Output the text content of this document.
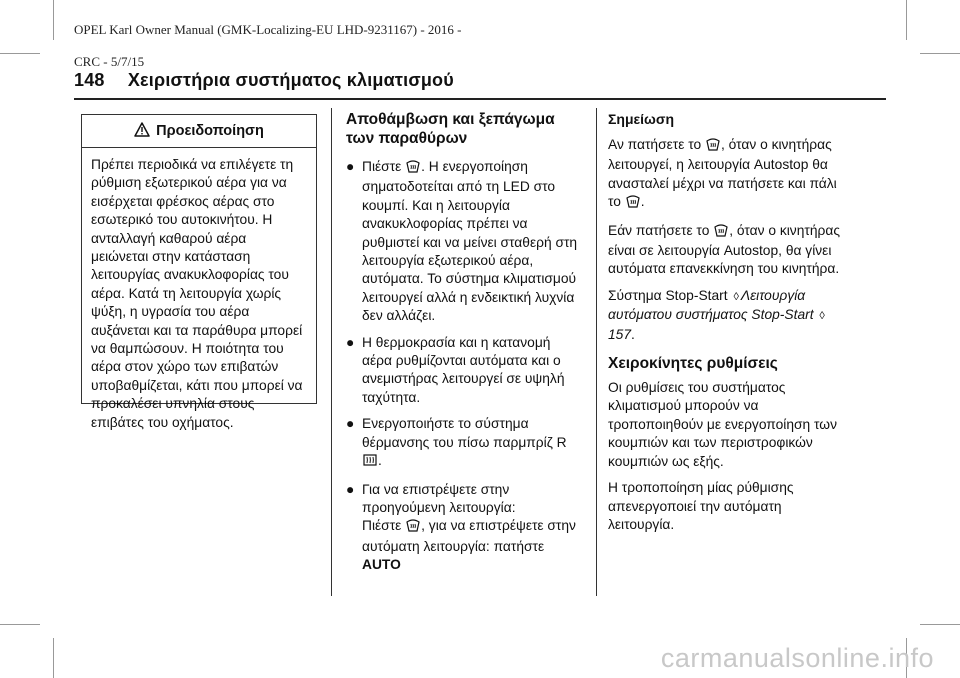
OPEL Karl Owner Manual (GMK-Localizing-EU LHD-9231167) - 2016 -

CRC - 5/7/15

148 Χειριστήρια συστήματος κλιματισμού
Προειδοποίηση
Πρέπει περιοδικά να επιλέγετε τη ρύθμιση εξωτερικού αέρα για να εισέρχεται φρέσκος αέρας στο εσωτερικό του αυτοκινήτου. Η ανταλλαγή καθαρού αέρα μειώνεται στην κατάσταση λειτουργίας ανακυκλοφορίας του αέρα. Κατά τη λειτουργία χωρίς ψύξη, η υγρασία του αέρα αυξάνεται και τα παράθυρα μπορεί να θαμπώσουν. Η ποιότητα του αέρα στον χώρο των επιβατών υποβαθμίζεται, κάτι που μπορεί να προκαλέσει υπνηλία στους επιβάτες του οχήματος.
Αποθάμβωση και ξεπάγωμα των παραθύρων
● Πιέστε . Η ενεργοποίηση σηματοδοτείται από τη LED στο κουμπί. Και η λειτουργία ανακυκλοφορίας πρέπει να ρυθμιστεί και να μείνει σταθερή στη λειτουργία εξωτερικού αέρα, αυτόματα. Το σύστημα κλιματισμού λειτουργεί αλλά η ενδεικτική λυχνία δεν αλλάζει.
● Η θερμοκρασία και η κατανομή αέρα ρυθμίζονται αυτόματα και ο ανεμιστήρας λειτουργεί σε υψηλή ταχύτητα.
● Ενεργοποιήστε το σύστημα θέρμανσης του πίσω παρμπρίζ R.
● Για να επιστρέψετε στην προηγούμενη λειτουργία:
Πιέστε , για να επιστρέψετε στην αυτόματη λειτουργία: πατήστε AUTO
Σημείωση

Αν πατήσετε το , όταν ο κινητήρας λειτουργεί, η λειτουργία Autostop θα ανασταλεί μέχρι να πατήσετε και πάλι το .

Εάν πατήσετε το , όταν ο κινητήρας είναι σε λειτουργία Autostop, θα γίνει αυτόματα επανεκκίνηση του κινητήρα.

Σύστημα Stop-Start ◊ Λειτουργία αυτόματου συστήματος Stop-Start ◊157.

Χειροκίνητες ρυθμίσεις

Οι ρυθμίσεις του συστήματος κλιματισμού μπορούν να τροποποιηθούν με ενεργοποίηση των κουμπιών και των περιστροφικών κουμπιών ως εξής.

Η τροποποίηση μίας ρύθμισης απενεργοποιεί την αυτόματη λειτουργία.

carmanualsonline.info
